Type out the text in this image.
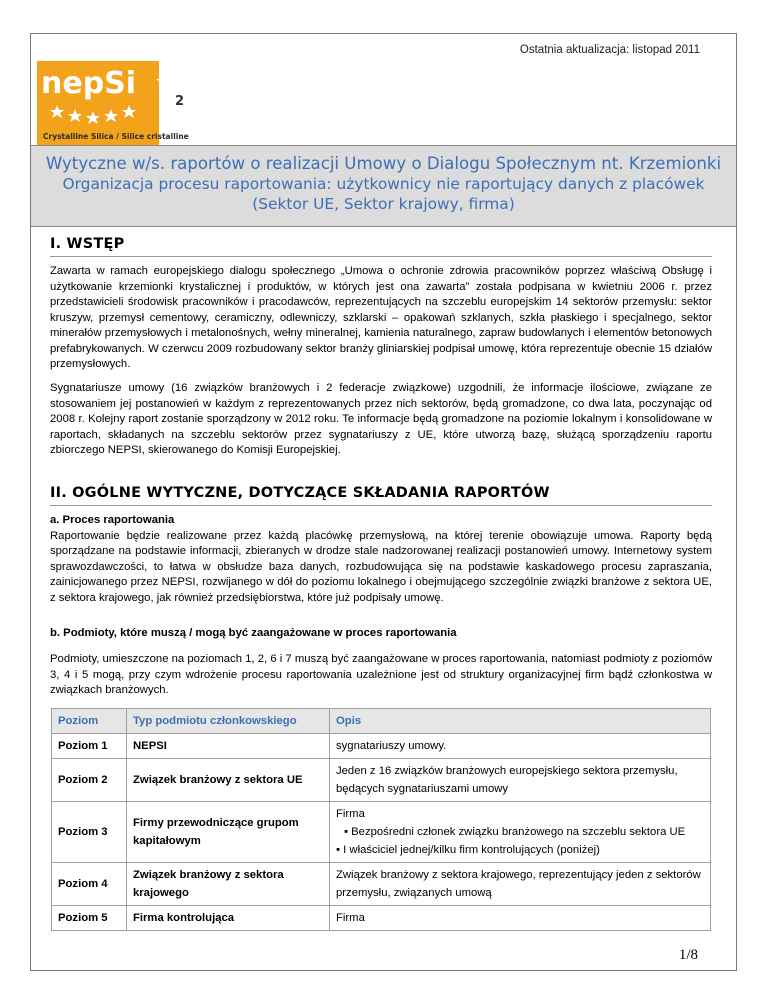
Ostatnia aktualizacja: listopad 2011
nepSi
2
Crystalline Silica / Silice cristalline
Wytyczne w/s. raportów o realizacji Umowy o Dialogu Społecznym nt. Krzemionki
Organizacja procesu raportowania: użytkownicy nie raportujący danych z placówek
(Sektor UE, Sektor krajowy, firma)
I. WSTĘP
Zawarta w ramach europejskiego dialogu społecznego „Umowa o ochronie zdrowia pracowników poprzez właściwą Obsługę i użytkowanie krzemionki krystalicznej i produktów, w których jest ona zawarta” została podpisana w kwietniu 2006 r. przez przedstawicieli środowisk pracowników i pracodawców, reprezentujących na szczeblu europejskim 14 sektorów przemysłu: sektor kruszyw, przemysł cementowy, ceramiczny, odlewniczy, szklarski – opakowań szklanych, szkła płaskiego i specjalnego, sektor minerałów przemysłowych i metalonośnych, wełny mineralnej, kamienia naturalnego, zapraw budowlanych i elementów betonowych prefabrykowanych. W czerwcu 2009 rozbudowany sektor branży gliniarskiej podpisał umowę, która reprezentuje obecnie 15 działów przemysłowych.
Sygnatariusze umowy (16 związków branżowych i 2 federacje związkowe) uzgodnili, że informacje ilościowe, związane ze stosowaniem jej postanowień w każdym z reprezentowanych przez nich sektorów, będą gromadzone, co dwa lata, poczynając od 2008 r. Kolejny raport zostanie sporządzony w 2012 roku. Te informacje będą gromadzone na poziomie lokalnym i konsolidowane w raportach, składanych na szczeblu sektorów przez sygnatariuszy z UE, które utworzą bazę, służącą sporządzeniu raportu zbiorczego NEPSI, skierowanego do Komisji Europejskiej.
II. OGÓLNE WYTYCZNE, DOTYCZĄCE SKŁADANIA RAPORTÓW
a. Proces raportowania
Raportowanie będzie realizowane przez każdą placówkę przemysłową, na której terenie obowiązuje umowa. Raporty będą sporządzane na podstawie informacji, zbieranych w drodze stale nadzorowanej realizacji postanowień umowy. Internetowy system sprawozdawczości, to łatwa w obsłudze baza danych, rozbudowująca się na podstawie kaskadowego procesu zapraszania, zainicjowanego przez NEPSI, rozwijanego w dół do poziomu lokalnego i obejmującego szczególnie związki branżowe z sektora UE, z sektora krajowego, jak również przedsiębiorstwa, które już podpisały umowę.
b. Podmioty, które muszą / mogą być zaangażowane w proces raportowania
Podmioty, umieszczone na poziomach 1, 2, 6 i 7 muszą być zaangażowane w proces raportowania, natomiast podmioty z poziomów 3, 4 i 5 mogą, przy czym wdrożenie procesu raportowania uzależnione jest od struktury organizacyjnej firm bądź członkostwa w związkach branżowych.
Poziom	Typ podmiotu członkowskiego	Opis
Poziom 1	NEPSI	sygnatariuszy umowy.
Poziom 2	Związek branżowy z sektora UE	Jeden z 16 związków branżowych europejskiego sektora przemysłu, będących sygnatariuszami umowy
Poziom 3	Firmy przewodniczące grupom kapitałowym	Firma
▪ Bezpośredni członek związku branżowego na szczeblu sektora UE
▪ I właściciel jednej/kilku firm kontrolujących (poniżej)

Poziom 4	Związek branżowy z sektora krajowego	Związek branżowy z sektora krajowego, reprezentujący jeden z sektorów przemysłu, związanych umową
Poziom 5	Firma kontrolująca	Firma
1/8
